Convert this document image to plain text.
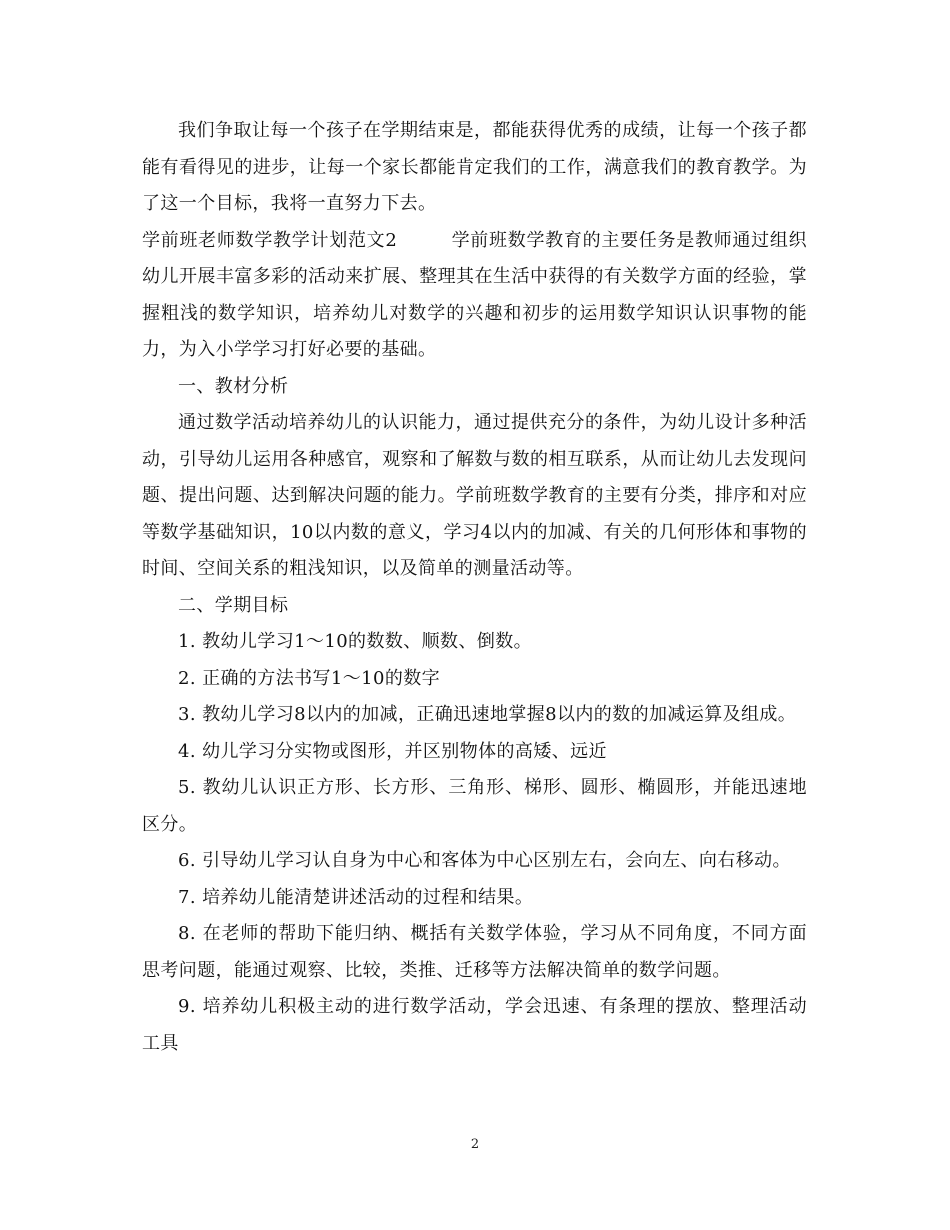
我们争取让每一个孩子在学期结束是，都能获得优秀的成绩，让每一个孩子都能有看得见的进步，让每一个家长都能肯定我们的工作，满意我们的教育教学。为了这一个目标，我将一直努力下去。

学前班老师数学教学计划范文2	学前班数学教育的主要任务是教师通过组织幼儿开展丰富多彩的活动来扩展、整理其在生活中获得的有关数学方面的经验，掌握粗浅的数学知识，培养幼儿对数学的兴趣和初步的运用数学知识认识事物的能力，为入小学学习打好必要的基础。

一、教材分析

通过数学活动培养幼儿的认识能力，通过提供充分的条件，为幼儿设计多种活动，引导幼儿运用各种感官，观察和了解数与数的相互联系，从而让幼儿去发现问题、提出问题、达到解决问题的能力。学前班数学教育的主要有分类，排序和对应等数学基础知识，10以内数的意义，学习4以内的加减、有关的几何形体和事物的时间、空间关系的粗浅知识，以及简单的测量活动等。

二、学期目标

1. 教幼儿学习1～10的数数、顺数、倒数。

2. 正确的方法书写1～10的数字

3. 教幼儿学习8以内的加减，正确迅速地掌握8以内的数的加减运算及组成。

4. 幼儿学习分实物或图形，并区别物体的高矮、远近

5. 教幼儿认识正方形、长方形、三角形、梯形、圆形、椭圆形，并能迅速地区分。

6. 引导幼儿学习认自身为中心和客体为中心区别左右，会向左、向右移动。

7. 培养幼儿能清楚讲述活动的过程和结果。

8. 在老师的帮助下能归纳、概括有关数学体验，学习从不同角度，不同方面思考问题，能通过观察、比较，类推、迁移等方法解决简单的数学问题。

9. 培养幼儿积极主动的进行数学活动，学会迅速、有条理的摆放、整理活动工具

2
